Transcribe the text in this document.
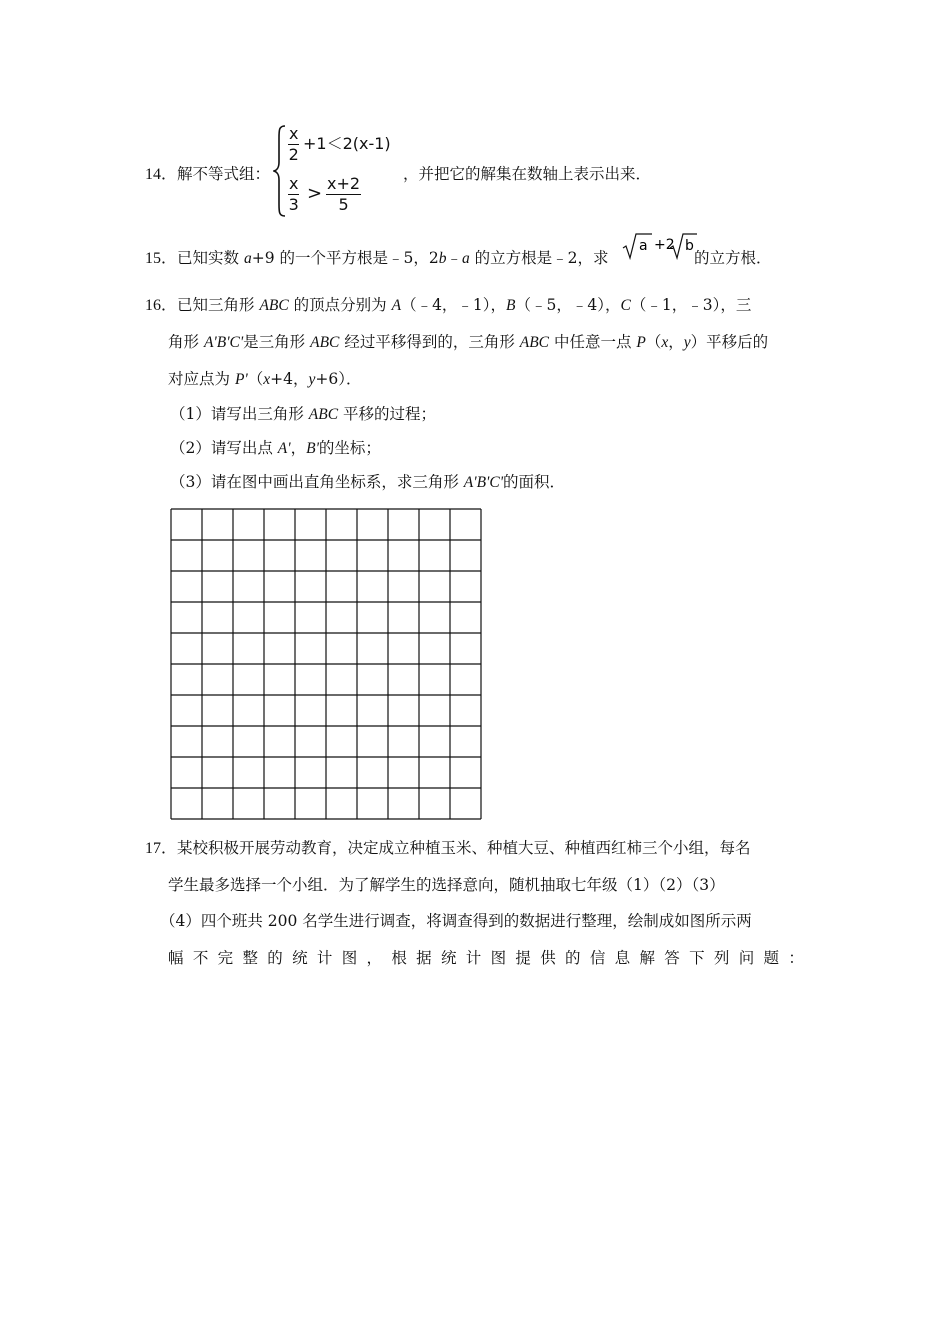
14．解不等式组：
$\frac{x}{2} +1<2(x-1)$
$\frac{x}{3} > \frac{x+2}{5}$	，并把它的解集在数轴上表示出来．
15．已知实数 a+9 的一个平方根是﹣5，2b﹣a 的立方根是﹣2，求
a +2 b
的立方根．
16．已知三角形 ABC 的顶点分别为 A（﹣4，﹣1），B（﹣5，﹣4），C（﹣1，﹣3），三
角形 A'B'C'是三角形 ABC 经过平移得到的，三角形 ABC 中任意一点 P（x，y）平移后的
对应点为 P'（x+4，y+6）．
（1）请写出三角形 ABC 平移的过程；
（2）请写出点 A'，B'的坐标；
（3）请在图中画出直角坐标系，求三角形 A'B'C'的面积．
17．某校积极开展劳动教育，决定成立种植玉米、种植大豆、种植西红柿三个小组，每名
学生最多选择一个小组．为了解学生的选择意向，随机抽取七年级（1）（2）（3）
（4）四个班共 200 名学生进行调查，将调查得到的数据进行整理，绘制成如图所示两
幅 不 完 整 的 统 计 图 ， 根 据 统 计 图 提 供 的 信 息 解 答 下 列 问 题 ：
